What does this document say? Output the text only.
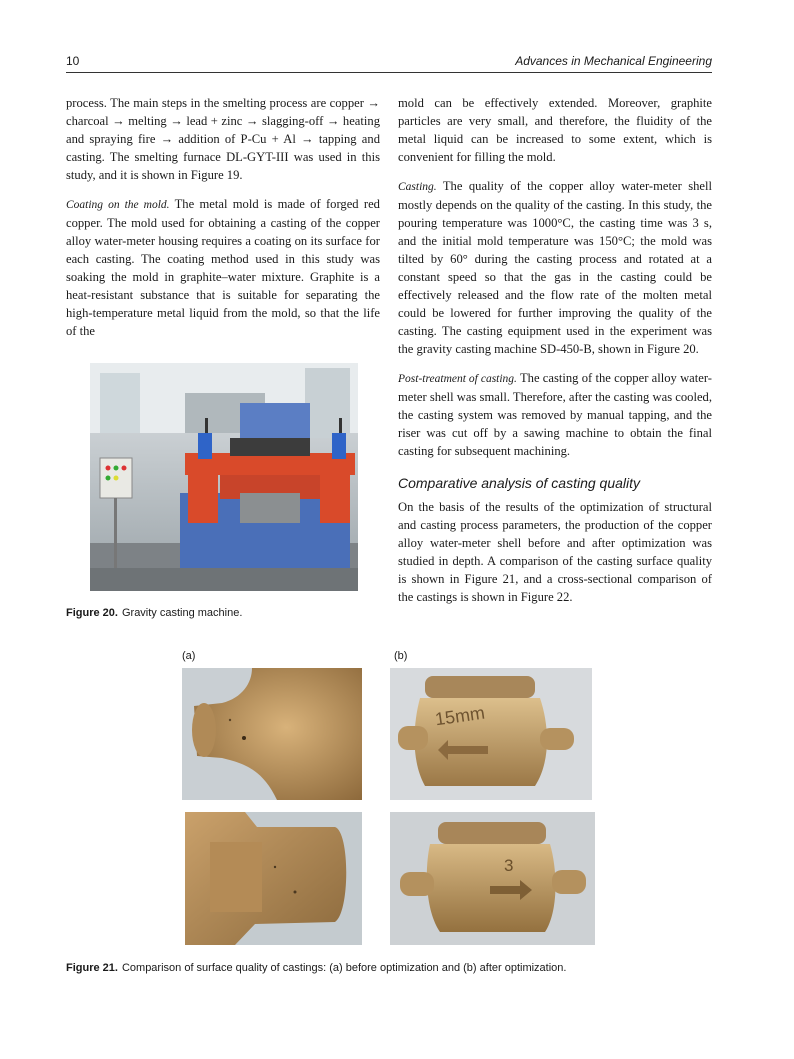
10	Advances in Mechanical Engineering

process. The main steps in the smelting process are copper → charcoal → melting → lead + zinc → slagging-off → heating and spraying fire → addition of P-Cu + Al → tapping and casting. The smelting furnace DL-GYT-III was used in this study, and it is shown in Figure 19.

Coating on the mold. The metal mold is made of forged red copper. The mold used for obtaining a casting of the copper alloy water-meter housing requires a coating on its surface for each casting. The coating method used in this study was soaking the mold in graphite–water mixture. Graphite is a heat-resistant substance that is suitable for separating the high-temperature metal liquid from the mold, so that the life of the

mold can be effectively extended. Moreover, graphite particles are very small, and therefore, the fluidity of the metal liquid can be increased to some extent, which is convenient for filling the mold.

Casting. The quality of the copper alloy water-meter shell mostly depends on the quality of the casting. In this study, the pouring temperature was 1000°C, the casting time was 3 s, and the initial mold temperature was 150°C; the mold was tilted by 60° during the casting process and rotated at a constant speed so that the gas in the casting could be effectively released and the flow rate of the molten metal could be lowered for further improving the quality of the casting. The casting equipment used in the experiment was the gravity casting machine SD-450-B, shown in Figure 20.

Post-treatment of casting. The casting of the copper alloy water-meter shell was small. Therefore, after the casting was cooled, the casting system was removed by manual tapping, and the riser was cut off by a sawing machine to obtain the final casting for subsequent machining.

Comparative analysis of casting quality

On the basis of the results of the optimization of structural and casting process parameters, the production of the copper alloy water-meter shell before and after optimization was studied in depth. A comparison of the casting surface quality is shown in Figure 21, and a cross-sectional comparison of the castings is shown in Figure 22.

Figure 20. Gravity casting machine.
(a)	(b)
15mm
3
Figure 21. Comparison of surface quality of castings: (a) before optimization and (b) after optimization.
